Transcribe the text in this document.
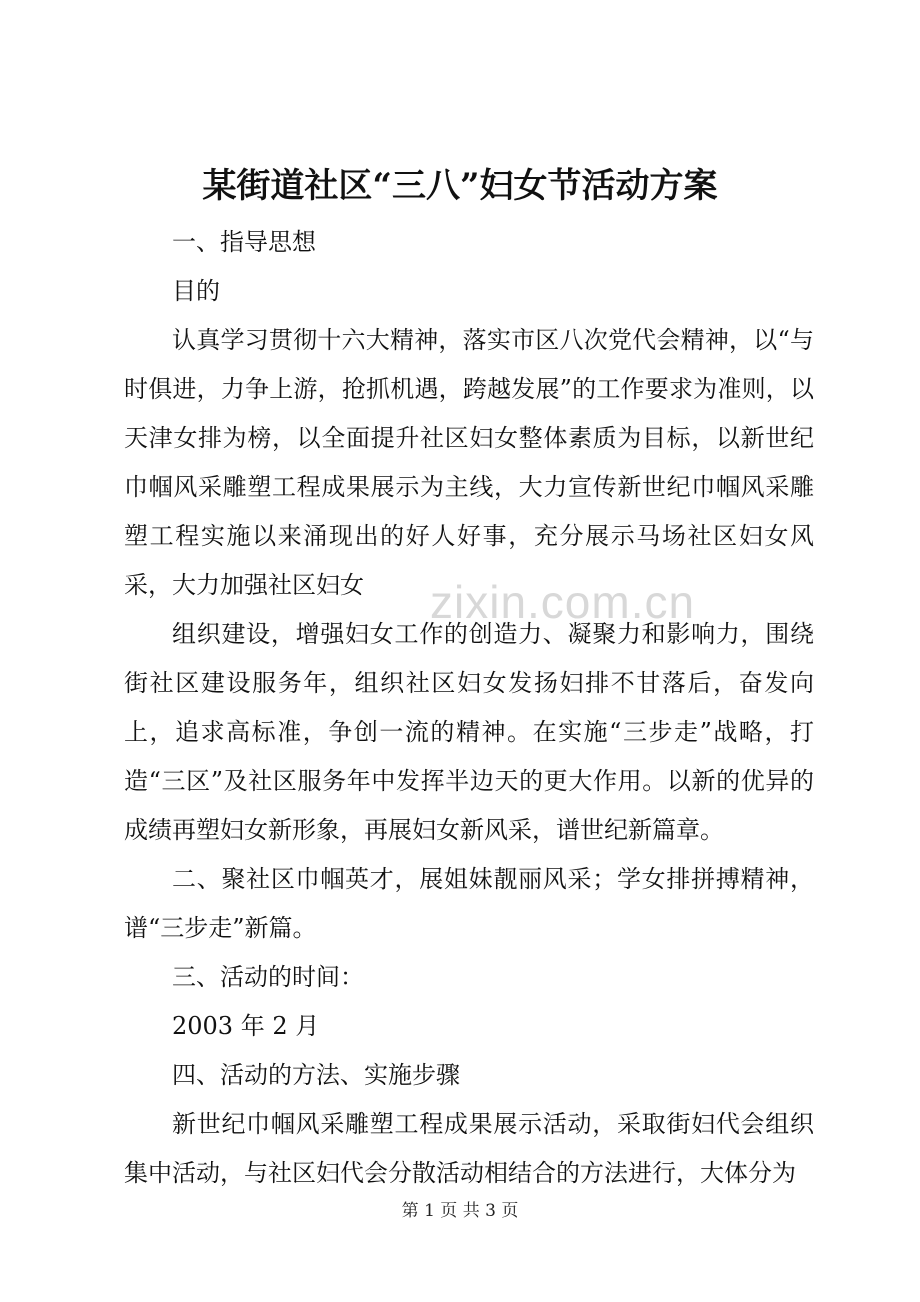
某街道社区“三八”妇女节活动方案

一、指导思想

目的

认真学习贯彻十六大精神，落实市区八次党代会精神，以“与时俱进，力争上游，抢抓机遇，跨越发展”的工作要求为准则，以天津女排为榜，以全面提升社区妇女整体素质为目标，以新世纪巾帼风采雕塑工程成果展示为主线，大力宣传新世纪巾帼风采雕塑工程实施以来涌现出的好人好事，充分展示马场社区妇女风采，大力加强社区妇女

组织建设，增强妇女工作的创造力、凝聚力和影响力，围绕街社区建设服务年，组织社区妇女发扬妇排不甘落后，奋发向上，追求高标准，争创一流的精神。在实施“三步走”战略，打造“三区”及社区服务年中发挥半边天的更大作用。以新的优异的成绩再塑妇女新形象，再展妇女新风采，谱世纪新篇章。

二、聚社区巾帼英才，展姐妹靓丽风采；学女排拼搏精神，谱“三步走”新篇。

三、活动的时间：

2003 年 2 月

四、活动的方法、实施步骤

新世纪巾帼风采雕塑工程成果展示活动，采取街妇代会组织集中活动，与社区妇代会分散活动相结合的方法进行，大体分为

zixin.com.cn
第 1 页 共 3 页
